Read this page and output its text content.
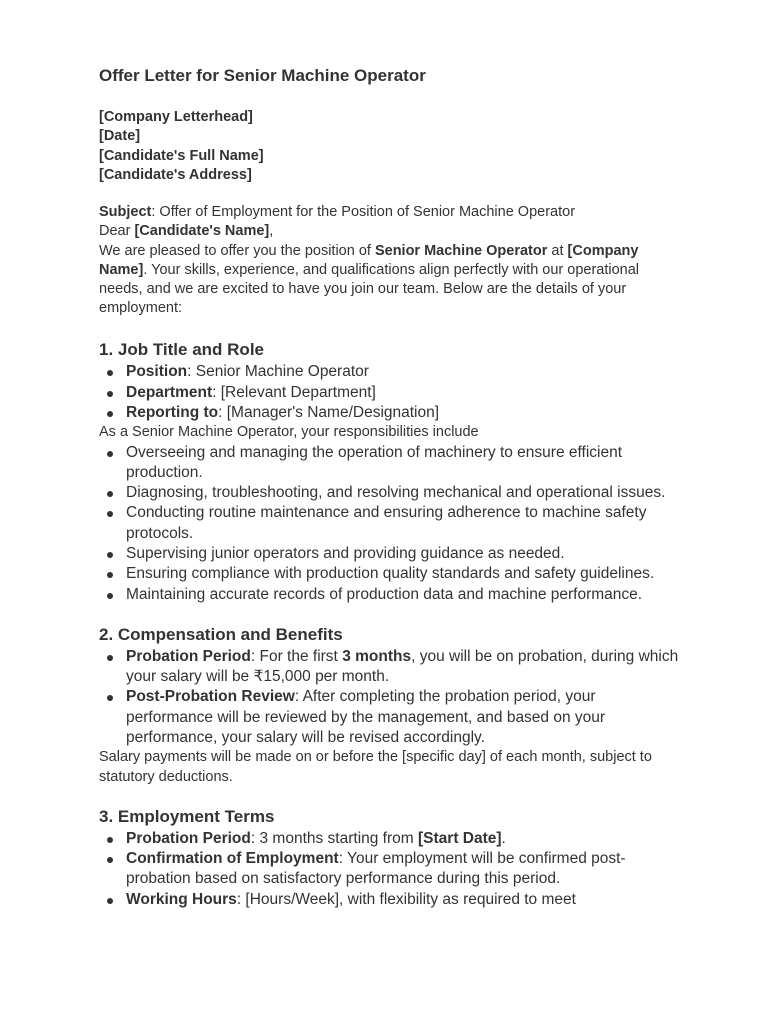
Offer Letter for Senior Machine Operator
[Company Letterhead]
[Date]
[Candidate's Full Name]
[Candidate's Address]

Subject: Offer of Employment for the Position of Senior Machine Operator

Dear [Candidate's Name],

We are pleased to offer you the position of Senior Machine Operator at [Company Name]. Your skills, experience, and qualifications align perfectly with our operational needs, and we are excited to have you join our team. Below are the details of your employment:

1. Job Title and Role
Position: Senior Machine Operator
Department: [Relevant Department]
Reporting to: [Manager's Name/Designation]
As a Senior Machine Operator, your responsibilities include
Overseeing and managing the operation of machinery to ensure efficient production.
Diagnosing, troubleshooting, and resolving mechanical and operational issues.
Conducting routine maintenance and ensuring adherence to machine safety protocols.
Supervising junior operators and providing guidance as needed.
Ensuring compliance with production quality standards and safety guidelines.
Maintaining accurate records of production data and machine performance.
2. Compensation and Benefits
Probation Period: For the first 3 months, you will be on probation, during which your salary will be ₹15,000 per month.
Post-Probation Review: After completing the probation period, your performance will be reviewed by the management, and based on your performance, your salary will be revised accordingly.
Salary payments will be made on or before the [specific day] of each month, subject to statutory deductions.
3. Employment Terms
Probation Period: 3 months starting from [Start Date].
Confirmation of Employment: Your employment will be confirmed post-probation based on satisfactory performance during this period.
Working Hours: [Hours/Week], with flexibility as required to meet
